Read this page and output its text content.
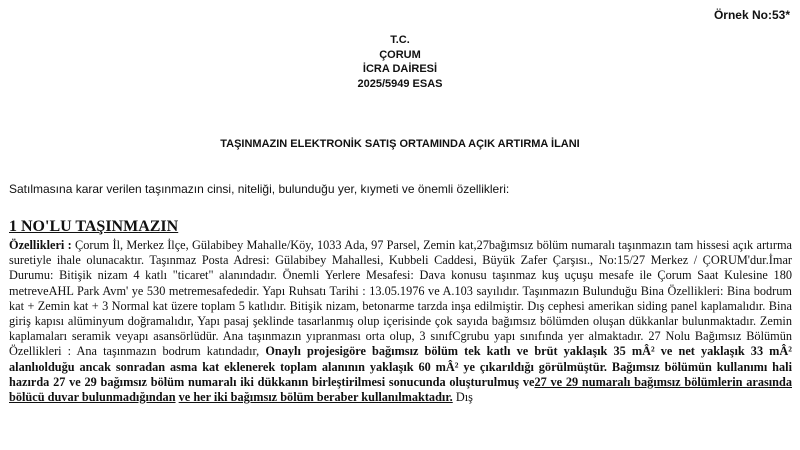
Örnek No:53*
T.C.
ÇORUM
İCRA DAİRESİ
2025/5949 ESAS
TAŞINMAZIN ELEKTRONİK SATIŞ ORTAMINDA AÇIK ARTIRMA İLANI
Satılmasına karar verilen taşınmazın cinsi, niteliği, bulunduğu yer, kıymeti ve önemli özellikleri:
1 NO'LU TAŞINMAZIN
Özellikleri : Çorum İl, Merkez İlçe, Gülabibey Mahalle/Köy, 1033 Ada, 97 Parsel, Zemin kat,27bağımsız bölüm numaralı taşınmazın tam hissesi açık artırma suretiyle ihale olunacaktır. Taşınmaz Posta Adresi: Gülabibey Mahallesi, Kubbeli Caddesi, Büyük Zafer Çarşısı., No:15/27 Merkez / ÇORUM'dur.İmar Durumu: Bitişik nizam 4 katlı "ticaret" alanındadır. Önemli Yerlere Mesafesi: Dava konusu taşınmaz kuş uçuşu mesafe ile Çorum Saat Kulesine 180 metreveAHL Park Avm' ye 530 metremesafededir. Yapı Ruhsatı Tarihi : 13.05.1976 ve A.103 sayılıdır. Taşınmazın Bulunduğu Bina Özellikleri: Bina bodrum kat + Zemin kat + 3 Normal kat üzere toplam 5 katlıdır. Bitişik nizam, betonarme tarzda inşa edilmiştir. Dış cephesi amerikan siding panel kaplamalıdır. Bina giriş kapısı alüminyum doğramalıdır, Yapı pasaj şeklinde tasarlanmış olup içerisinde çok sayıda bağımsız bölümden oluşan dükkanlar bulunmaktadır. Zemin kaplamaları seramik veyapı asansörlüdür. Ana taşınmazın yıpranması orta olup, 3 sınıfCgrubu yapı sınıfında yer almaktadır. 27 Nolu Bağımsız Bölümün Özellikleri : Ana taşınmazın bodrum katındadır, Onaylı projesigöre bağımsız bölüm tek katlı ve brüt yaklaşık 35 mÂ² ve net yaklaşık 33 mÂ² alanlıolduğu ancak sonradan asma kat eklenerek toplam alanının yaklaşık 60 mÂ² ye çıkarıldığı görülmüştür. Bağımsız bölümün kullanımı hali hazırda 27 ve 29 bağımsız bölüm numaralı iki dükkanın birleştirilmesi sonucunda oluşturulmuş ve27 ve 29 numaralı bağımsız bölümlerin arasında bölücü duvar bulunmadığından ve her iki bağımsız bölüm beraber kullanılmaktadır. Dış
